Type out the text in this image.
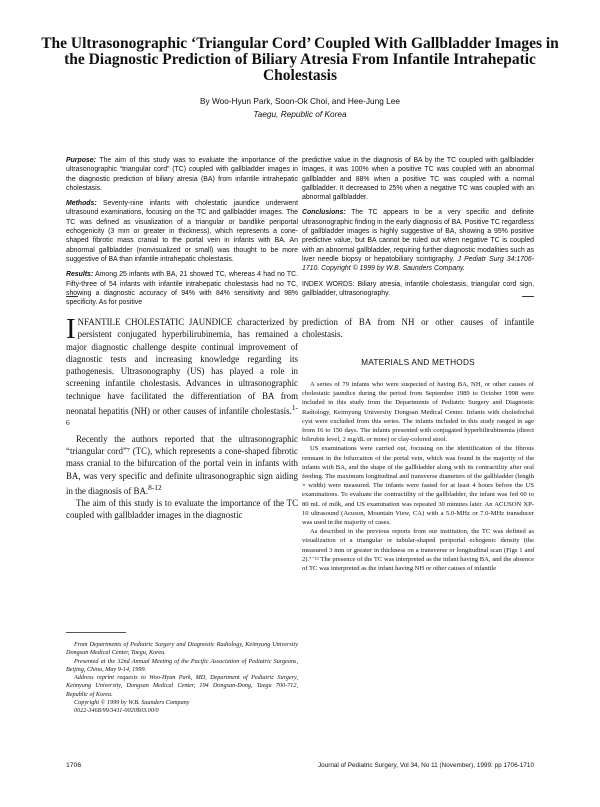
The Ultrasonographic ‘Triangular Cord’ Coupled With Gallbladder Images in the Diagnostic Prediction of Biliary Atresia From Infantile Intrahepatic Cholestasis
By Woo-Hyun Park, Soon-Ok Choi, and Hee-Jung Lee
Taegu, Republic of Korea

Purpose: The aim of this study was to evaluate the importance of the ultrasonographic “triangular cord” (TC) coupled with gallbladder images in the diagnostic prediction of biliary atresia (BA) from infantile intrahepatic cholestasis.

Methods: Seventy-nine infants with cholestatic jaundice underwent ultrasound examinations, focusing on the TC and gallbladder images. The TC was defined as visualization of a triangular or bandlike periportal echogenicity (3 mm or greater in thickness), which represents a cone-shaped fibrotic mass cranial to the portal vein in infants with BA. An abnormal gallbladder (nonvisualized or small) was thought to be more suggestive of BA than infantile intrahepatic cholestasis.

Results: Among 25 infants with BA, 21 showed TC, whereas 4 had no TC. Fifty-three of 54 infants with infantile intrahepatic cholestasis had no TC, showing a diagnostic accuracy of 94% with 84% sensitivity and 98% specificity. As for positive

predictive value in the diagnosis of BA by the TC coupled with gallbladder images, it was 100% when a positive TC was coupled with an abnormal gallbladder and 88% when a positive TC was coupled with a normal gallbladder. It decreased to 25% when a negative TC was coupled with an abnormal gallbladder.

Conclusions: The TC appears to be a very specific and definite ultrasonographic finding in the early diagnosis of BA. Positive TC regardless of gallbladder images is highly suggestive of BA, showing a 95% positive predictive value, but BA cannot be ruled out when negative TC is coupled with an abnormal gallbladder, requiring further diagnostic modalities such as liver needle biopsy or hepatobiliary scintigraphy. J Pediatr Surg 34:1706-1710. Copyright © 1999 by W.B. Saunders Company.

INDEX WORDS: Biliary atresia, infantile cholestasis, triangular cord sign, gallbladder, ultrasonography.

INFANTILE CHOLESTATIC JAUNDICE characterized by persistent conjugated hyperbilirubinemia, has remained a major diagnostic challenge despite continual improvement of diagnostic tests and increasing knowledge regarding its pathogenesis. Ultrasonography (US) has played a role in screening infantile cholestasis. Advances in ultrasonographic technique have facilitated the differentiation of BA from neonatal hepatitis (NH) or other causes of infantile cholestasis.$^{1-6}$

Recently the authors reported that the ultrasonographic “triangular cord”⁷ (TC), which represents a cone-shaped fibrotic mass cranial to the bifurcation of the portal vein in infants with BA, was very specific and definite ultrasonographic sign aiding in the diagnosis of BA.$^{8-12}$

The aim of this study is to evaluate the importance of the TC coupled with gallbladder images in the diagnostic

From Departments of Pediatric Surgery and Diagnostic Radiology, Keimyung University Dongsan Medical Center, Taegu, Korea.

Presented at the 32nd Annual Meeting of the Pacific Association of Pediatric Surgeons, Beijing, China, May 9-14, 1999.

Address reprint requests to Woo-Hyun Park, MD, Department of Pediatric Surgery, Keimyung University, Dongsan Medical Center, 194 Dongsan-Dong, Taegu 700-712, Republic of Korea.

Copyright © 1999 by W.B. Saunders Company

0022-3468/99/3411-0020$03.00/0

prediction of BA from NH or other causes of infantile cholestasis.

MATERIALS AND METHODS

A series of 79 infants who were suspected of having BA, NH, or other causes of cholestatic jaundice during the period from September 1989 to October 1998 were included in this study from the Departments of Pediatric Surgery and Diagnostic Radiology, Keimyung University Dongsan Medical Center. Infants with choledochal cyst were excluded from this series. The infants included in this study ranged in age from 16 to 150 days. The infants presented with conjugated hyperbilirubinemia (direct bilirubin level, 2 mg/dL or more) or clay-colored stool.

US examinations were carried out, focusing on the identification of the fibrous remnant in the bifurcation of the portal vein, which was found in the majority of the infants with BA, and the shape of the gallbladder along with its contractility after oral feeding. The maximum longitudinal and transverse diameters of the gallbladder (length × width) were measured. The infants were fasted for at least 4 hours before the US examinations. To evaluate the contractility of the gallbladder, the infant was fed 60 to 80 mL of milk, and US examination was repeated 30 minutes later. An ACUSON XP-10 ultrasound (Acuson, Mountain View, CA) with a 5.0-MHz or 7.0-MHz transducer was used in the majority of cases.

As described in the previous reports from our institution, the TC was defined as visualization of a triangular or tubular-shaped periportal echogenic density (the measured 3 mm or greater in thickness on a transverse or longitudinal scan (Figs 1 and 2).⁷⁻¹² The presence of the TC was interpreted as the infant having BA, and the absence of TC was interpreted as the infant having NH or other causes of infantile

1706	Journal of Pediatric Surgery, Vol 34, No 11 (November), 1999: pp 1706-1710
